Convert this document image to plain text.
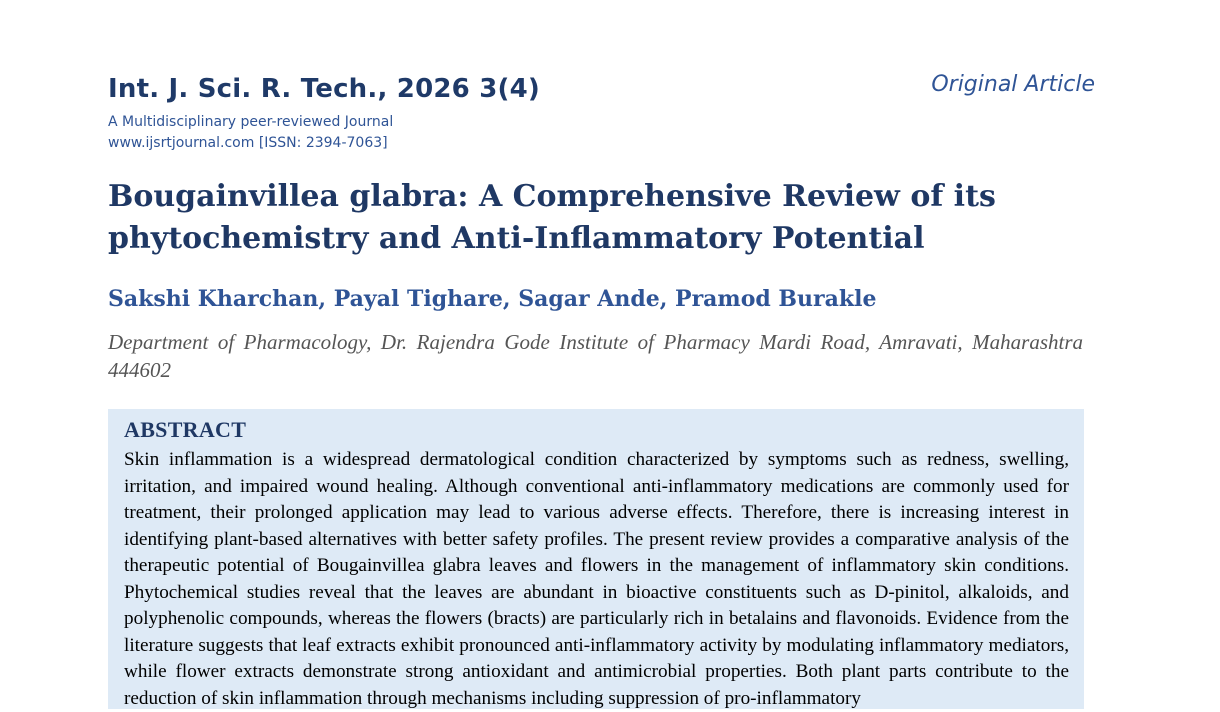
Int. J. Sci. R. Tech., 2026 3(4)	Original Article
A Multidisciplinary peer-reviewed Journal
www.ijsrtjournal.com [ISSN: 2394-7063]
Bougainvillea glabra: A Comprehensive Review of its phytochemistry and Anti-Inflammatory Potential
Sakshi Kharchan, Payal Tighare, Sagar Ande, Pramod Burakle
Department of Pharmacology, Dr. Rajendra Gode Institute of Pharmacy Mardi Road, Amravati, Maharashtra 444602
ABSTRACT

Skin inflammation is a widespread dermatological condition characterized by symptoms such as redness, swelling, irritation, and impaired wound healing. Although conventional anti-inflammatory medications are commonly used for treatment, their prolonged application may lead to various adverse effects. Therefore, there is increasing interest in identifying plant-based alternatives with better safety profiles. The present review provides a comparative analysis of the therapeutic potential of Bougainvillea glabra leaves and flowers in the management of inflammatory skin conditions. Phytochemical studies reveal that the leaves are abundant in bioactive constituents such as D-pinitol, alkaloids, and polyphenolic compounds, whereas the flowers (bracts) are particularly rich in betalains and flavonoids. Evidence from the literature suggests that leaf extracts exhibit pronounced anti-inflammatory activity by modulating inflammatory mediators, while flower extracts demonstrate strong antioxidant and antimicrobial properties. Both plant parts contribute to the reduction of skin inflammation through mechanisms including suppression of pro-inflammatory
